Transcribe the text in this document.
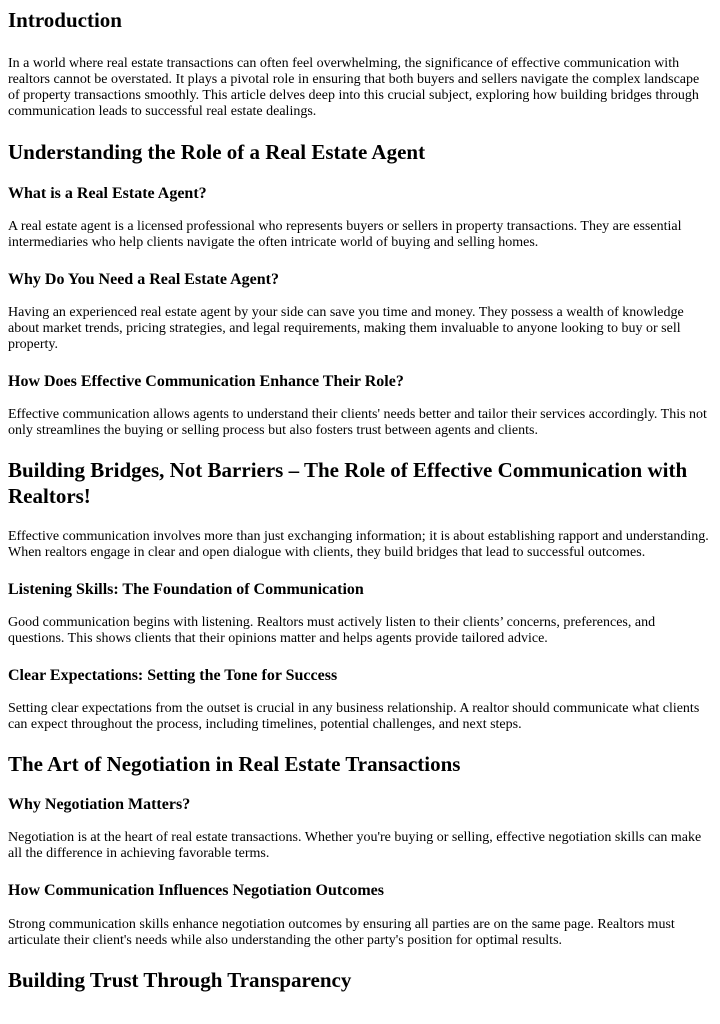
Introduction

In a world where real estate transactions can often feel overwhelming, the significance of effective communication with realtors cannot be overstated. It plays a pivotal role in ensuring that both buyers and sellers navigate the complex landscape of property transactions smoothly. This article delves deep into this crucial subject, exploring how building bridges through communication leads to successful real estate dealings.

Understanding the Role of a Real Estate Agent
What is a Real Estate Agent?

A real estate agent is a licensed professional who represents buyers or sellers in property transactions. They are essential intermediaries who help clients navigate the often intricate world of buying and selling homes.

Why Do You Need a Real Estate Agent?

Having an experienced real estate agent by your side can save you time and money. They possess a wealth of knowledge about market trends, pricing strategies, and legal requirements, making them invaluable to anyone looking to buy or sell property.

How Does Effective Communication Enhance Their Role?

Effective communication allows agents to understand their clients' needs better and tailor their services accordingly. This not only streamlines the buying or selling process but also fosters trust between agents and clients.

Building Bridges, Not Barriers – The Role of Effective Communication with Realtors!

Effective communication involves more than just exchanging information; it is about establishing rapport and understanding. When realtors engage in clear and open dialogue with clients, they build bridges that lead to successful outcomes.

Listening Skills: The Foundation of Communication

Good communication begins with listening. Realtors must actively listen to their clients’ concerns, preferences, and questions. This shows clients that their opinions matter and helps agents provide tailored advice.

Clear Expectations: Setting the Tone for Success

Setting clear expectations from the outset is crucial in any business relationship. A realtor should communicate what clients can expect throughout the process, including timelines, potential challenges, and next steps.

The Art of Negotiation in Real Estate Transactions
Why Negotiation Matters?

Negotiation is at the heart of real estate transactions. Whether you're buying or selling, effective negotiation skills can make all the difference in achieving favorable terms.

How Communication Influences Negotiation Outcomes

Strong communication skills enhance negotiation outcomes by ensuring all parties are on the same page. Realtors must articulate their client's needs while also understanding the other party's position for optimal results.

Building Trust Through Transparency
